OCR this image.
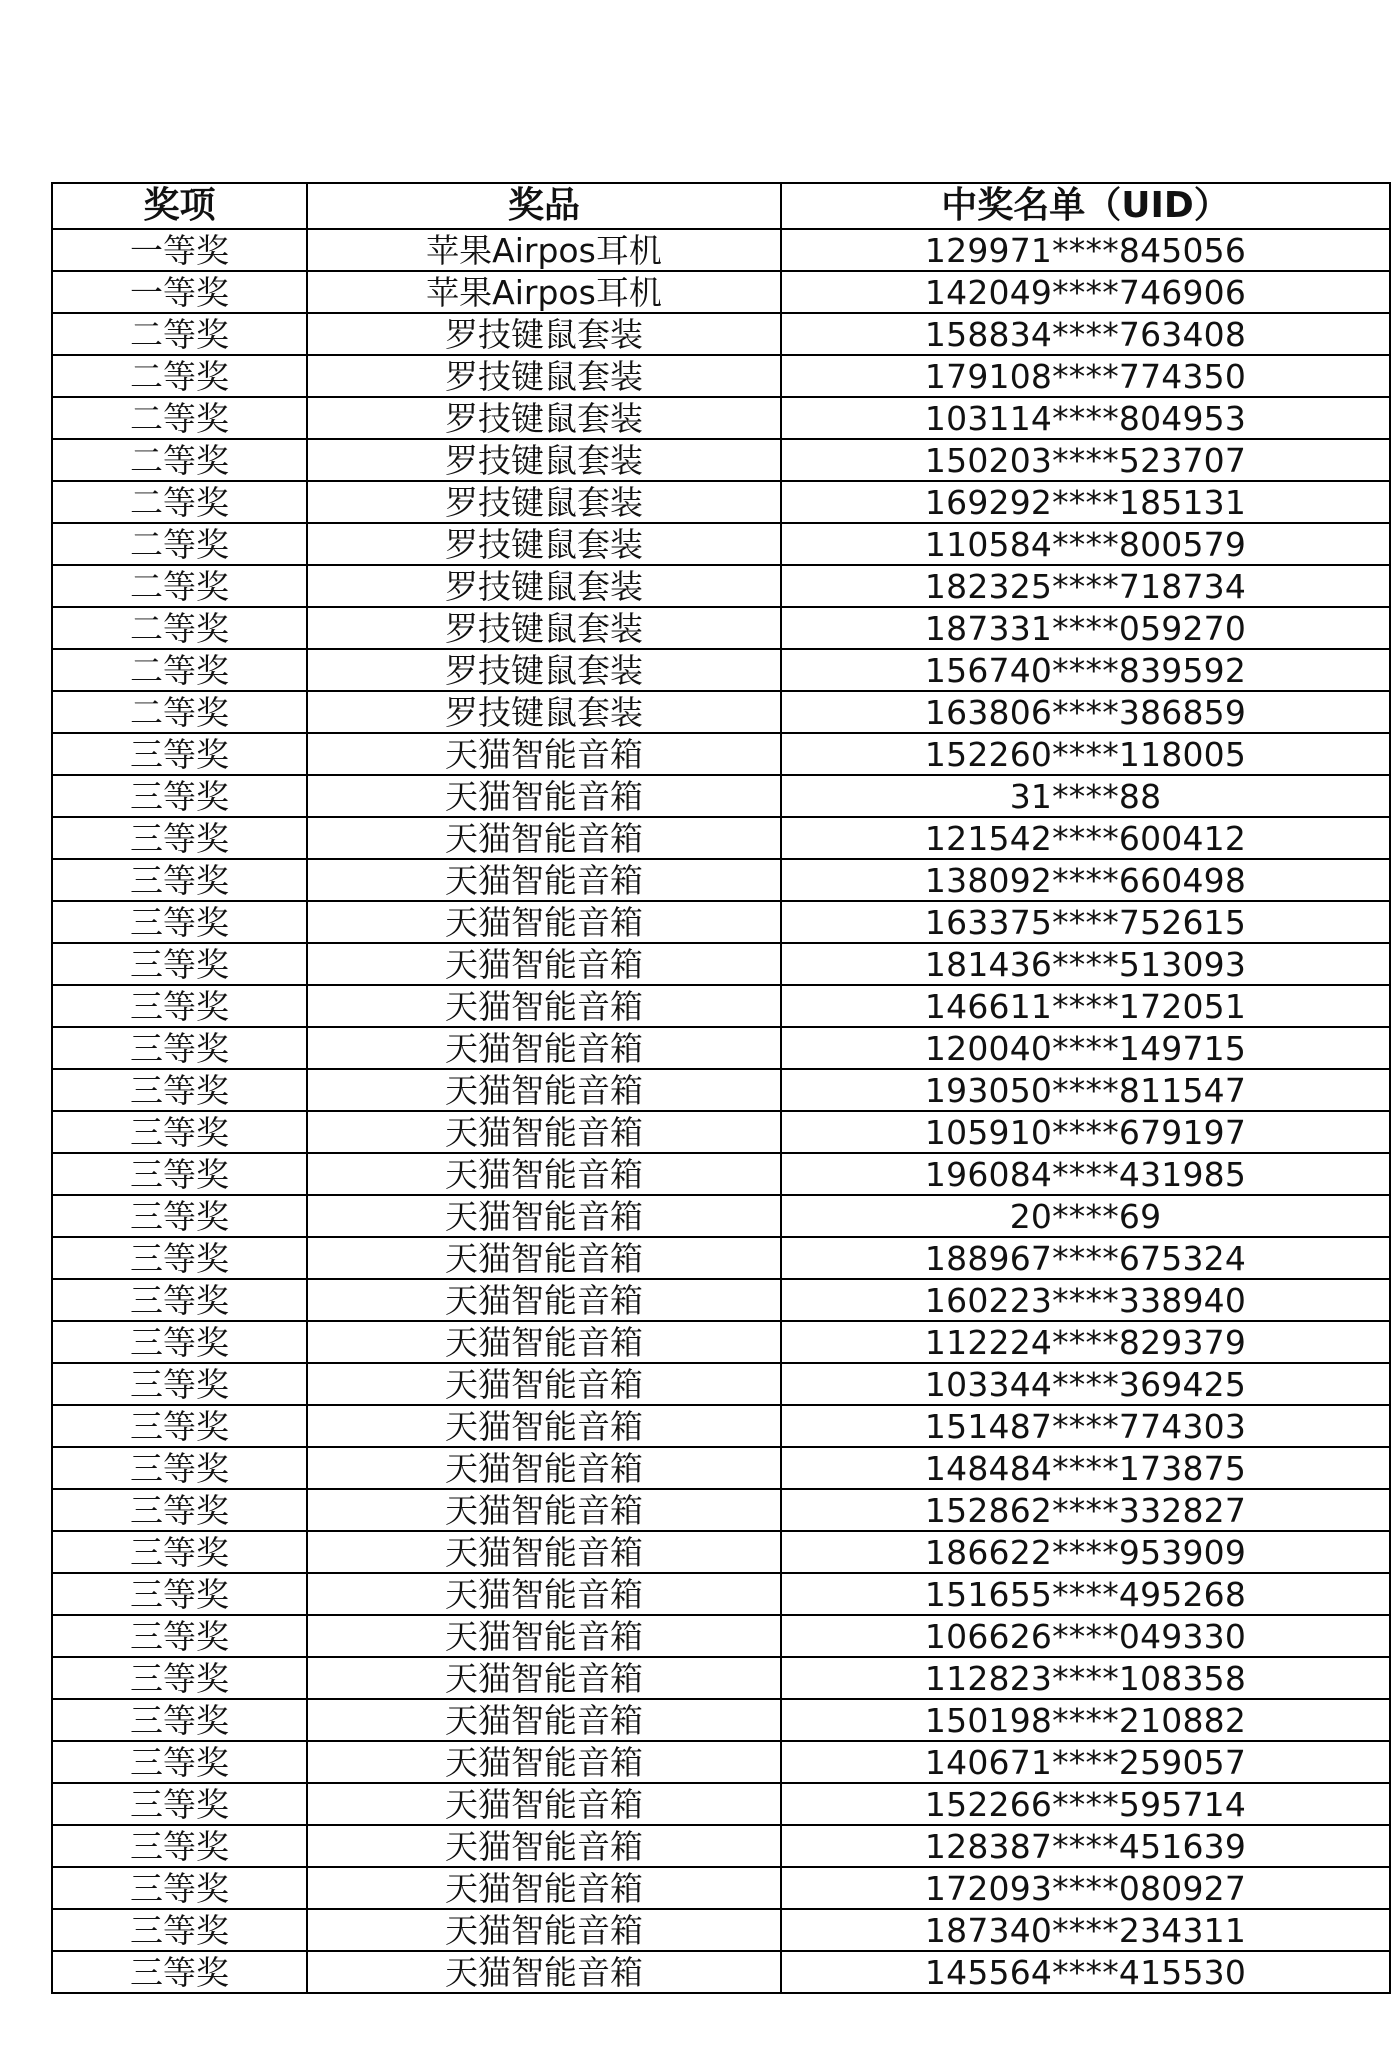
奖项	奖品	中奖名单（UID）
一等奖	苹果Airpos耳机	129971****845056
一等奖	苹果Airpos耳机	142049****746906
二等奖	罗技键鼠套装	158834****763408
二等奖	罗技键鼠套装	179108****774350
二等奖	罗技键鼠套装	103114****804953
二等奖	罗技键鼠套装	150203****523707
二等奖	罗技键鼠套装	169292****185131
二等奖	罗技键鼠套装	110584****800579
二等奖	罗技键鼠套装	182325****718734
二等奖	罗技键鼠套装	187331****059270
二等奖	罗技键鼠套装	156740****839592
二等奖	罗技键鼠套装	163806****386859
三等奖	天猫智能音箱	152260****118005
三等奖	天猫智能音箱	31****88
三等奖	天猫智能音箱	121542****600412
三等奖	天猫智能音箱	138092****660498
三等奖	天猫智能音箱	163375****752615
三等奖	天猫智能音箱	181436****513093
三等奖	天猫智能音箱	146611****172051
三等奖	天猫智能音箱	120040****149715
三等奖	天猫智能音箱	193050****811547
三等奖	天猫智能音箱	105910****679197
三等奖	天猫智能音箱	196084****431985
三等奖	天猫智能音箱	20****69
三等奖	天猫智能音箱	188967****675324
三等奖	天猫智能音箱	160223****338940
三等奖	天猫智能音箱	112224****829379
三等奖	天猫智能音箱	103344****369425
三等奖	天猫智能音箱	151487****774303
三等奖	天猫智能音箱	148484****173875
三等奖	天猫智能音箱	152862****332827
三等奖	天猫智能音箱	186622****953909
三等奖	天猫智能音箱	151655****495268
三等奖	天猫智能音箱	106626****049330
三等奖	天猫智能音箱	112823****108358
三等奖	天猫智能音箱	150198****210882
三等奖	天猫智能音箱	140671****259057
三等奖	天猫智能音箱	152266****595714
三等奖	天猫智能音箱	128387****451639
三等奖	天猫智能音箱	172093****080927
三等奖	天猫智能音箱	187340****234311
三等奖	天猫智能音箱	145564****415530
